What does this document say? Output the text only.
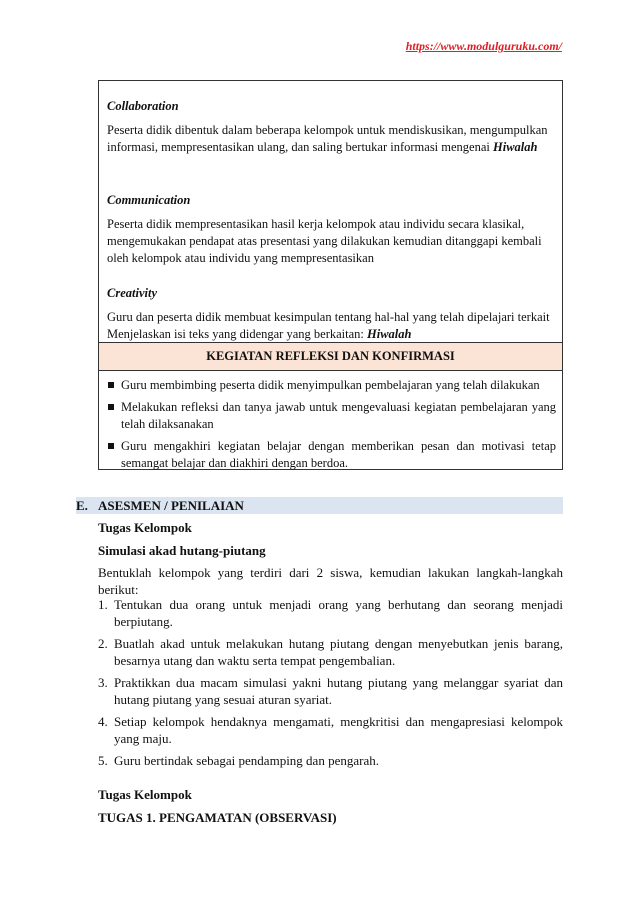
https://www.modulguruku.com/
Collaboration
Peserta didik dibentuk dalam beberapa kelompok untuk mendiskusikan, mengumpulkan informasi, mempresentasikan ulang, dan saling bertukar informasi mengenai Hiwalah
Communication
Peserta didik mempresentasikan hasil kerja kelompok atau individu secara klasikal, mengemukakan pendapat atas presentasi yang dilakukan kemudian ditanggapi kembali oleh kelompok atau individu yang mempresentasikan
Creativity
Guru dan peserta didik membuat kesimpulan tentang hal-hal yang telah dipelajari terkait Menjelaskan isi teks yang didengar yang berkaitan: Hiwalah
KEGIATAN REFLEKSI DAN KONFIRMASI
Guru membimbing peserta didik menyimpulkan pembelajaran yang telah dilakukan
Melakukan refleksi dan tanya jawab untuk mengevaluasi kegiatan pembelajaran yang telah dilaksanakan
Guru mengakhiri kegiatan belajar dengan memberikan pesan dan motivasi tetap semangat belajar dan diakhiri dengan berdoa.
E. ASESMEN / PENILAIAN
Tugas Kelompok
Simulasi akad hutang-piutang
Bentuklah kelompok yang terdiri dari 2 siswa, kemudian lakukan langkah-langkah berikut:
1. Tentukan dua orang untuk menjadi orang yang berhutang dan seorang menjadi berpiutang.
2. Buatlah akad untuk melakukan hutang piutang dengan menyebutkan jenis barang, besarnya utang dan waktu serta tempat pengembalian.
3. Praktikkan dua macam simulasi yakni hutang piutang yang melanggar syariat dan hutang piutang yang sesuai aturan syariat.
4. Setiap kelompok hendaknya mengamati, mengkritisi dan mengapresiasi kelompok yang maju.
5. Guru bertindak sebagai pendamping dan pengarah.
Tugas Kelompok
TUGAS 1. PENGAMATAN (OBSERVASI)
